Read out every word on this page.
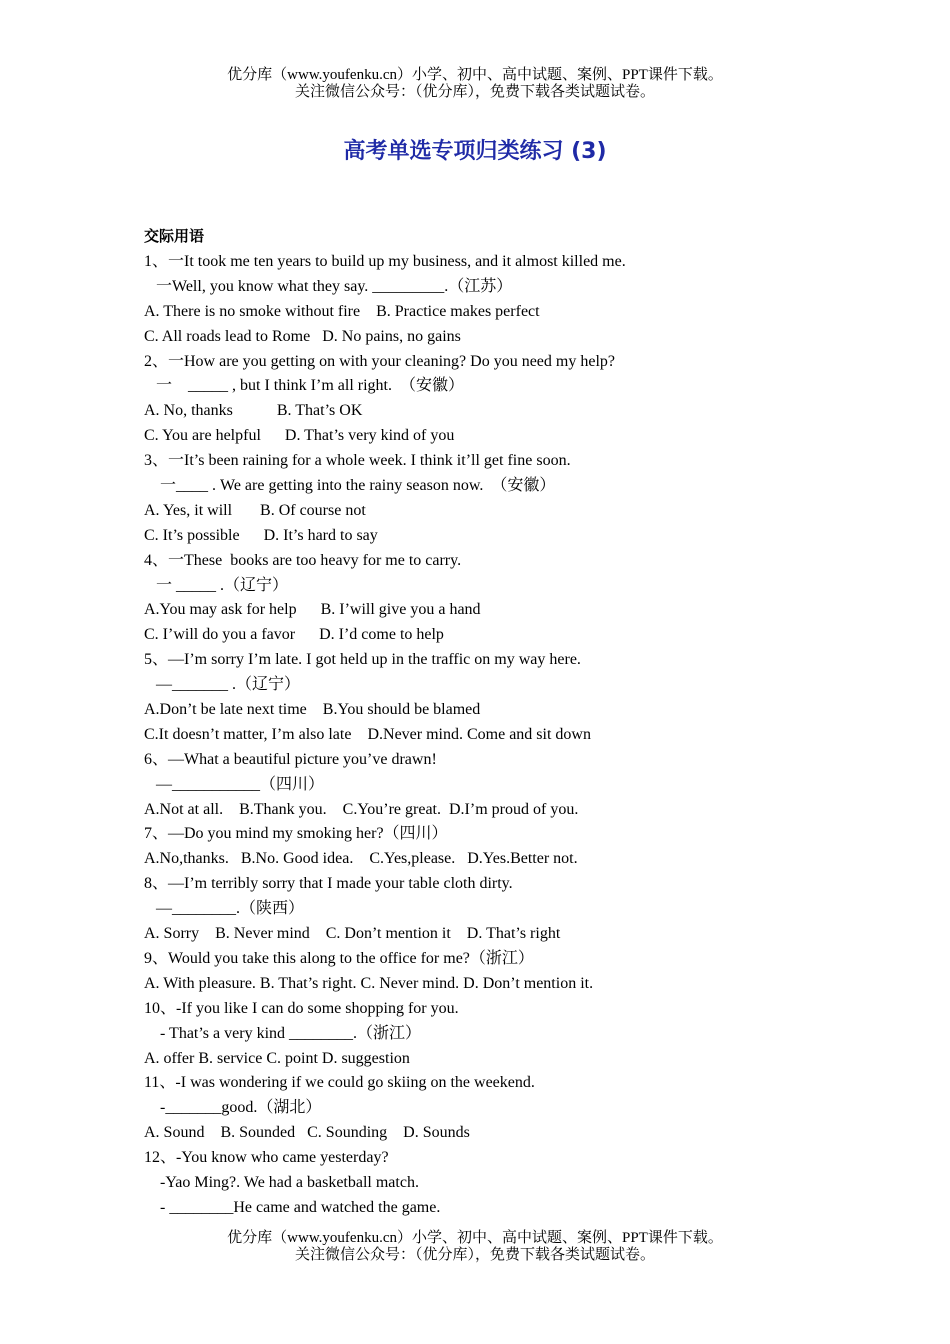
优分库（www.youfenku.cn）小学、初中、高中试题、案例、PPT课件下载。
关注微信公众号：（优分库），免费下载各类试题试卷。
高考单选专项归类练习 (3)
交际用语
1、一It took me ten years to build up my business, and it almost killed me.
一Well, you know what they say. _________.（江苏）
A. There is no smoke without fire    B. Practice makes perfect
C. All roads lead to Rome   D. No pains, no gains
2、一How are you getting on with your cleaning? Do you need my help?
一    _____ , but I think I’m all right.  （安徽）
A. No, thanks           B. That’s OK
C. You are helpful      D. That’s very kind of you
3、一It’s been raining for a whole week. I think it’ll get fine soon.
一____ . We are getting into the rainy season now.  （安徽）
A. Yes, it will       B. Of course not
C. It’s possible      D. It’s hard to say
4、一These  books are too heavy for me to carry.
一 _____ .（辽宁）
A.You may ask for help      B. I’will give you a hand
C. I’will do you a favor      D. I’d come to help
5、—I’m sorry I’m late. I got held up in the traffic on my way here.
—_______ .（辽宁）
A.Don’t be late next time    B.You should be blamed
C.It doesn’t matter, I’m also late    D.Never mind. Come and sit down
6、—What a beautiful picture you’ve drawn!
—___________（四川）
A.Not at all.    B.Thank you.    C.You’re great.  D.I’m proud of you.
7、—Do you mind my smoking her?（四川）
A.No,thanks.   B.No. Good idea.    C.Yes,please.   D.Yes.Better not.
8、—I’m terribly sorry that I made your table cloth dirty.
—________.（陕西）
A. Sorry    B. Never mind    C. Don’t mention it    D. That’s right
9、Would you take this along to the office for me?（浙江）
A. With pleasure. B. That’s right. C. Never mind. D. Don’t mention it.
10、-If you like I can do some shopping for you.
- That’s a very kind ________.（浙江）
A. offer B. service C. point D. suggestion
11、-I was wondering if we could go skiing on the weekend.
-_______good.（湖北）
A. Sound    B. Sounded   C. Sounding    D. Sounds
12、-You know who came yesterday?
-Yao Ming?. We had a basketball match.
- ________He came and watched the game.
优分库（www.youfenku.cn）小学、初中、高中试题、案例、PPT课件下载。
关注微信公众号：（优分库），免费下载各类试题试卷。
